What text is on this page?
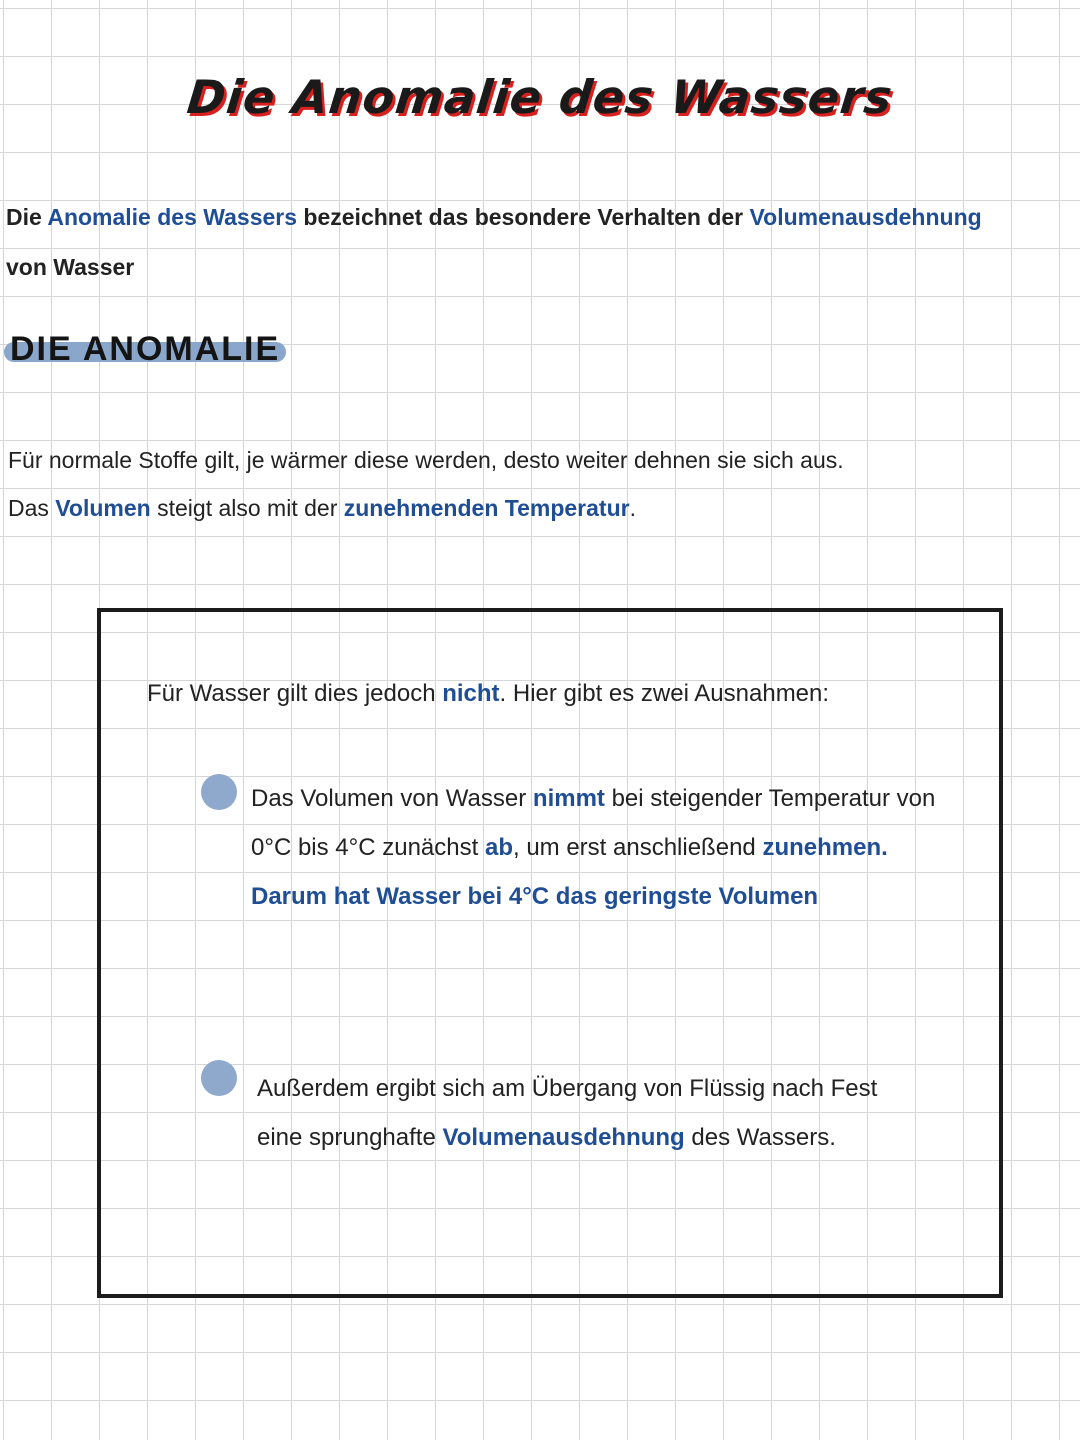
Die Anomalie des Wassers
Die Anomalie des Wassers bezeichnet das besondere Verhalten der Volumenausdehnung
von Wasser
DIE ANOMALIE
Für normale Stoffe gilt, je wärmer diese werden, desto weiter dehnen sie sich aus.
Das Volumen steigt also mit der zunehmenden Temperatur.
Für Wasser gilt dies jedoch nicht. Hier gibt es zwei Ausnahmen:
Das Volumen von Wasser nimmt bei steigender Temperatur von 0°C bis 4°C zunächst ab, um erst anschließend zunehmen. Darum hat Wasser bei 4°C das geringste Volumen
Außerdem ergibt sich am Übergang von Flüssig nach Fest eine sprunghafte Volumenausdehnung des Wassers.
